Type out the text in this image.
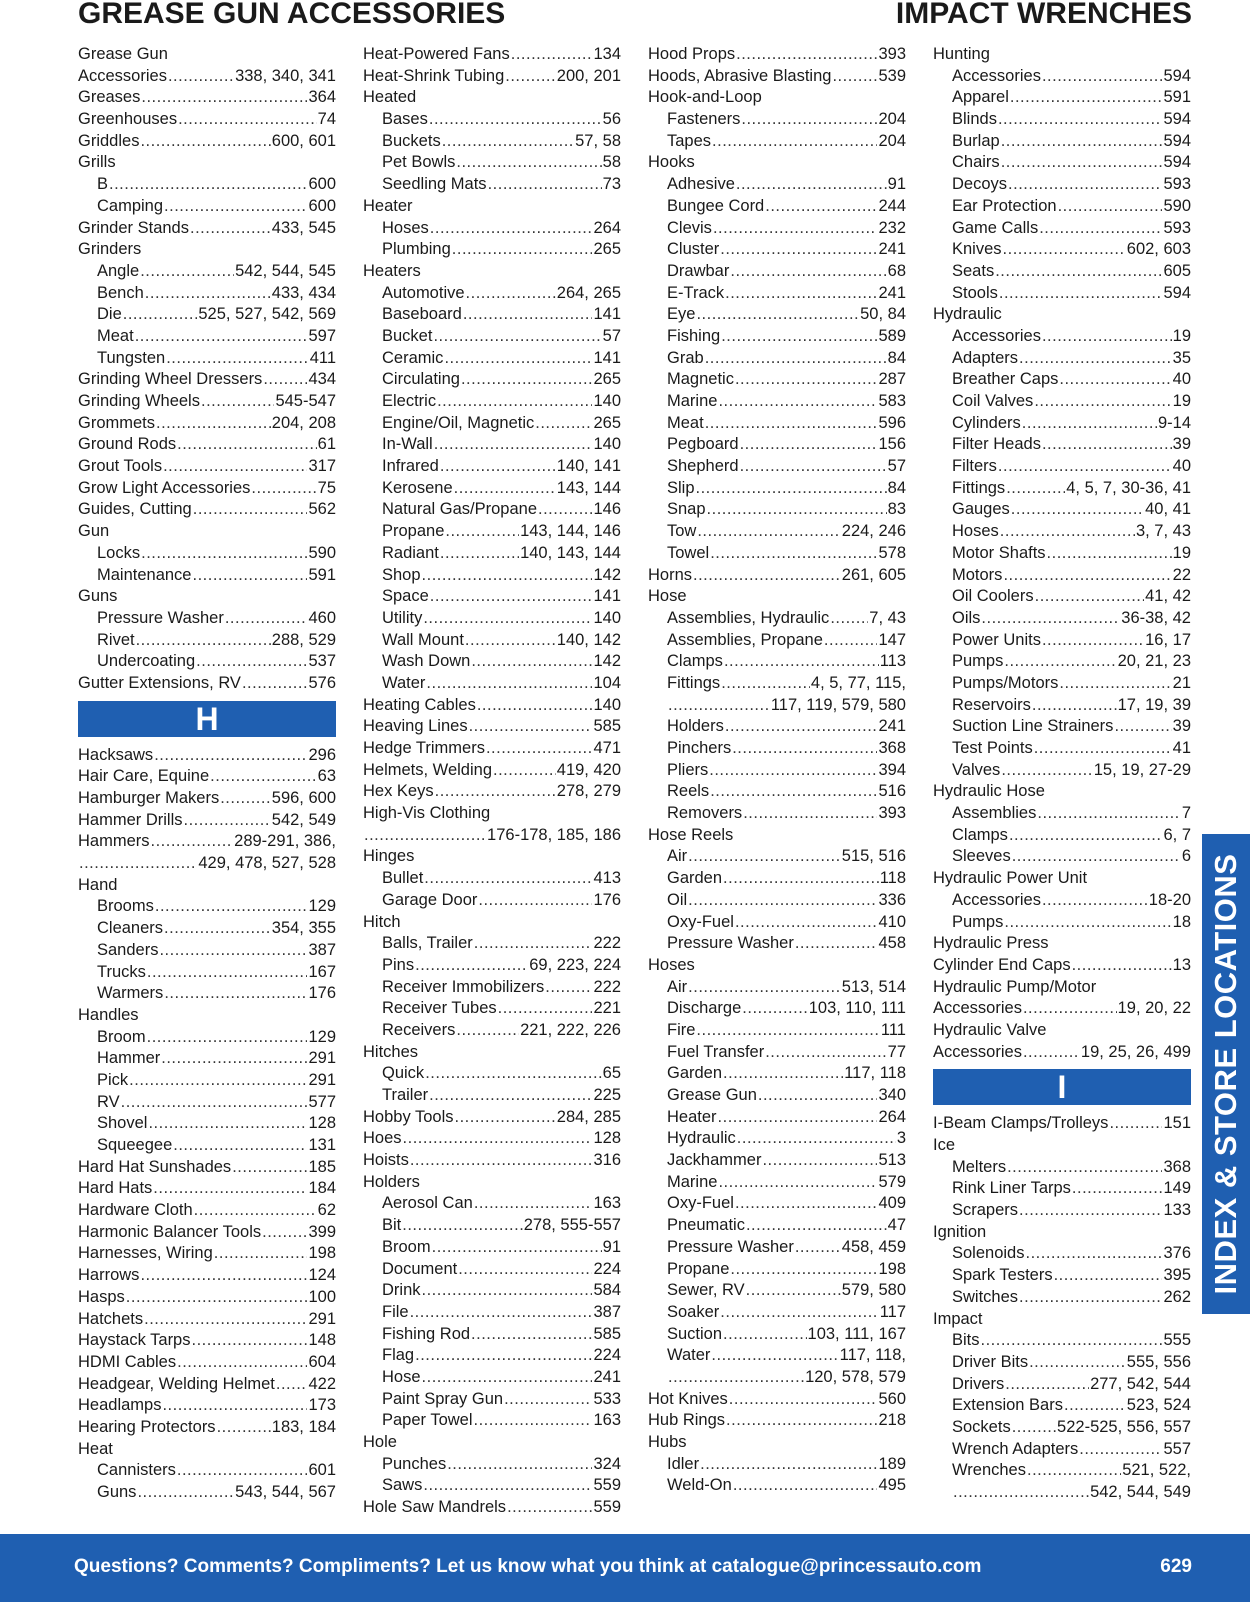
GREASE GUN ACCESSORIES	IMPACT WRENCHES
Grease Gun
Accessories .....	338, 340, 341
Greases .....	364
Greenhouses .....	74
Griddles .....	600, 601
Grills
B .....	600
Camping .....	600
Grinder Stands .....	433, 545
Grinders
Angle .....	542, 544, 545
Bench .....	433, 434
Die .....	525, 527, 542, 569
Meat .....	597
Tungsten .....	411
Grinding Wheel Dressers .....	434
Grinding Wheels .....	545-547
Grommets .....	204, 208
Ground Rods .....	61
Grout Tools .....	317
Grow Light Accessories .....	75
Guides, Cutting .....	562
Gun
Locks .....	590
Maintenance .....	591
Guns
Pressure Washer .....	460
Rivet .....	288, 529
Undercoating .....	537
Gutter Extensions, RV .....	576
H
Hacksaws .....	296
Hair Care, Equine .....	63
Hamburger Makers .....	596, 600
Hammer Drills .....	542, 549
Hammers .....	289-291, 386,
.....
429, 478, 527, 528
Hand
Brooms .....	129
Cleaners .....	354, 355
Sanders .....	387
Trucks .....	167
Warmers .....	176
Handles
Broom .....	129
Hammer .....	291
Pick .....	291
RV .....	577
Shovel .....	128
Squeegee .....	131
Hard Hat Sunshades .....	185
Hard Hats .....	184
Hardware Cloth .....	62
Harmonic Balancer Tools .....	399
Harnesses, Wiring .....	198
Harrows .....	124
Hasps .....	100
Hatchets .....	291
Haystack Tarps .....	148
HDMI Cables .....	604
Headgear, Welding Helmet ..... 422
Headlamps .....	173
Hearing Protectors .....	183, 184
Heat
Cannisters .....	601
Guns .....	543, 544, 567
Heat-Powered Fans .....	134
Heat-Shrink Tubing .....	200, 201
Heated
Bases .....	56
Buckets .....	57, 58
Pet Bowls .....	58
Seedling Mats .....	73
Heater
Hoses .....	264
Plumbing .....	265
Heaters
Automotive .....	264, 265
Baseboard .....	141
Bucket .....	57
Ceramic .....	141
Circulating .....	265
Electric .....	140
Engine/Oil, Magnetic .....	265
In-Wall .....	140
Infrared .....	140, 141
Kerosene .....	143, 144
Natural Gas/Propane .....	146
Propane .....	143, 144, 146
Radiant .....	140, 143, 144
Shop .....	142
Space .....	141
Utility .....	140
Wall Mount .....	140, 142
Wash Down .....	142
Water .....	104
Heating Cables .....	140
Heaving Lines .....	585
Hedge Trimmers .....	471
Helmets, Welding .....	419, 420
Hex Keys .....	278, 279
High-Vis Clothing
.....
176-178, 185, 186
Hinges
Bullet .....	413
Garage Door .....	176
Hitch
Balls, Trailer .....	222
Pins .....	69, 223, 224
Receiver Immobilizers .....	222
Receiver Tubes .....	221
Receivers .....	221, 222, 226
Hitches
Quick .....	65
Trailer .....	225
Hobby Tools .....	284, 285
Hoes .....	128
Hoists .....	316
Holders
Aerosol Can .....	163
Bit .....	278, 555-557
Broom .....	91
Document .....	224
Drink .....	584
File .....	387
Fishing Rod .....	585
Flag .....	224
Hose .....	241
Paint Spray Gun .....	533
Paper Towel .....	163
Hole
Punches .....	324
Saws .....	559
Hole Saw Mandrels .....	559
Hood Props .....	393
Hoods, Abrasive Blasting .....	539
Hook-and-Loop
Fasteners .....	204
Tapes .....	204
Hooks
Adhesive .....	91
Bungee Cord .....	244
Clevis .....	232
Cluster .....	241
Drawbar .....	68
E-Track .....	241
Eye .....	50, 84
Fishing .....	589
Grab .....	84
Magnetic .....	287
Marine .....	583
Meat .....	596
Pegboard .....	156
Shepherd .....	57
Slip .....	84
Snap .....	83
Tow .....	224, 246
Towel .....	578
Horns .....	261, 605
Hose
Assemblies, Hydraulic ..... 7, 43
Assemblies, Propane .....	147
Clamps .....	113
Fittings .....	4, 5, 77, 115,
.....
117, 119, 579, 580
Holders .....	241
Pinchers .....	368
Pliers .....	394
Reels .....	516
Removers .....	393
Hose Reels
Air .....	515, 516
Garden .....	118
Oil .....	336
Oxy-Fuel .....	410
Pressure Washer .....	458
Hoses
Air .....	513, 514
Discharge .....	103, 110, 111
Fire .....	111
Fuel Transfer .....	77
Garden .....	117, 118
Grease Gun .....	340
Heater .....	264
Hydraulic .....	3
Jackhammer .....	513
Marine .....	579
Oxy-Fuel .....	409
Pneumatic .....	47
Pressure Washer .....	458, 459
Propane .....	198
Sewer, RV .....	579, 580
Soaker .....	117
Suction .....	103, 111, 167
Water .....	117, 118,
.....
120, 578, 579
Hot Knives .....	560
Hub Rings .....	218
Hubs
Idler .....	189
Weld-On .....	495
Hunting
Accessories .....	594
Apparel .....	591
Blinds .....	594
Burlap .....	594
Chairs .....	594
Decoys .....	593
Ear Protection .....	590
Game Calls .....	593
Knives .....	602, 603
Seats .....	605
Stools .....	594
Hydraulic
Accessories .....	19
Adapters .....	35
Breather Caps .....	40
Coil Valves .....	19
Cylinders .....	9-14
Filter Heads .....	39
Filters .....	40
Fittings .....	4, 5, 7, 30-36, 41
Gauges .....	40, 41
Hoses .....	3, 7, 43
Motor Shafts .....	19
Motors .....	22
Oil Coolers .....	41, 42
Oils .....	36-38, 42
Power Units .....	16, 17
Pumps .....	20, 21, 23
Pumps/Motors .....	21
Reservoirs .....	17, 19, 39
Suction Line Strainers .....	39
Test Points .....	41
Valves .....	15, 19, 27-29
Hydraulic Hose
Assemblies .....	7
Clamps .....	6, 7
Sleeves .....	6
Hydraulic Power Unit
Accessories .....	18-20
Pumps .....	18
Hydraulic Press
Cylinder End Caps .....	13
Hydraulic Pump/Motor
Accessories .....	19, 20, 22
Hydraulic Valve
Accessories .....	19, 25, 26, 499
I
I-Beam Clamps/Trolleys .....	151
Ice
Melters .....	368
Rink Liner Tarps .....	149
Scrapers .....	133
Ignition
Solenoids .....	376
Spark Testers .....	395
Switches .....	262
Impact
Bits .....	555
Driver Bits .....	555, 556
Drivers .....	277, 542, 544
Extension Bars .....	523, 524
Sockets .....	522-525, 556, 557
Wrench Adapters .....	557
Wrenches .....	521, 522,
.....
542, 544, 549
INDEX & STORE LOCATIONS
Questions? Comments? Compliments? Let us know what you think at catalogue@princessauto.com	629
